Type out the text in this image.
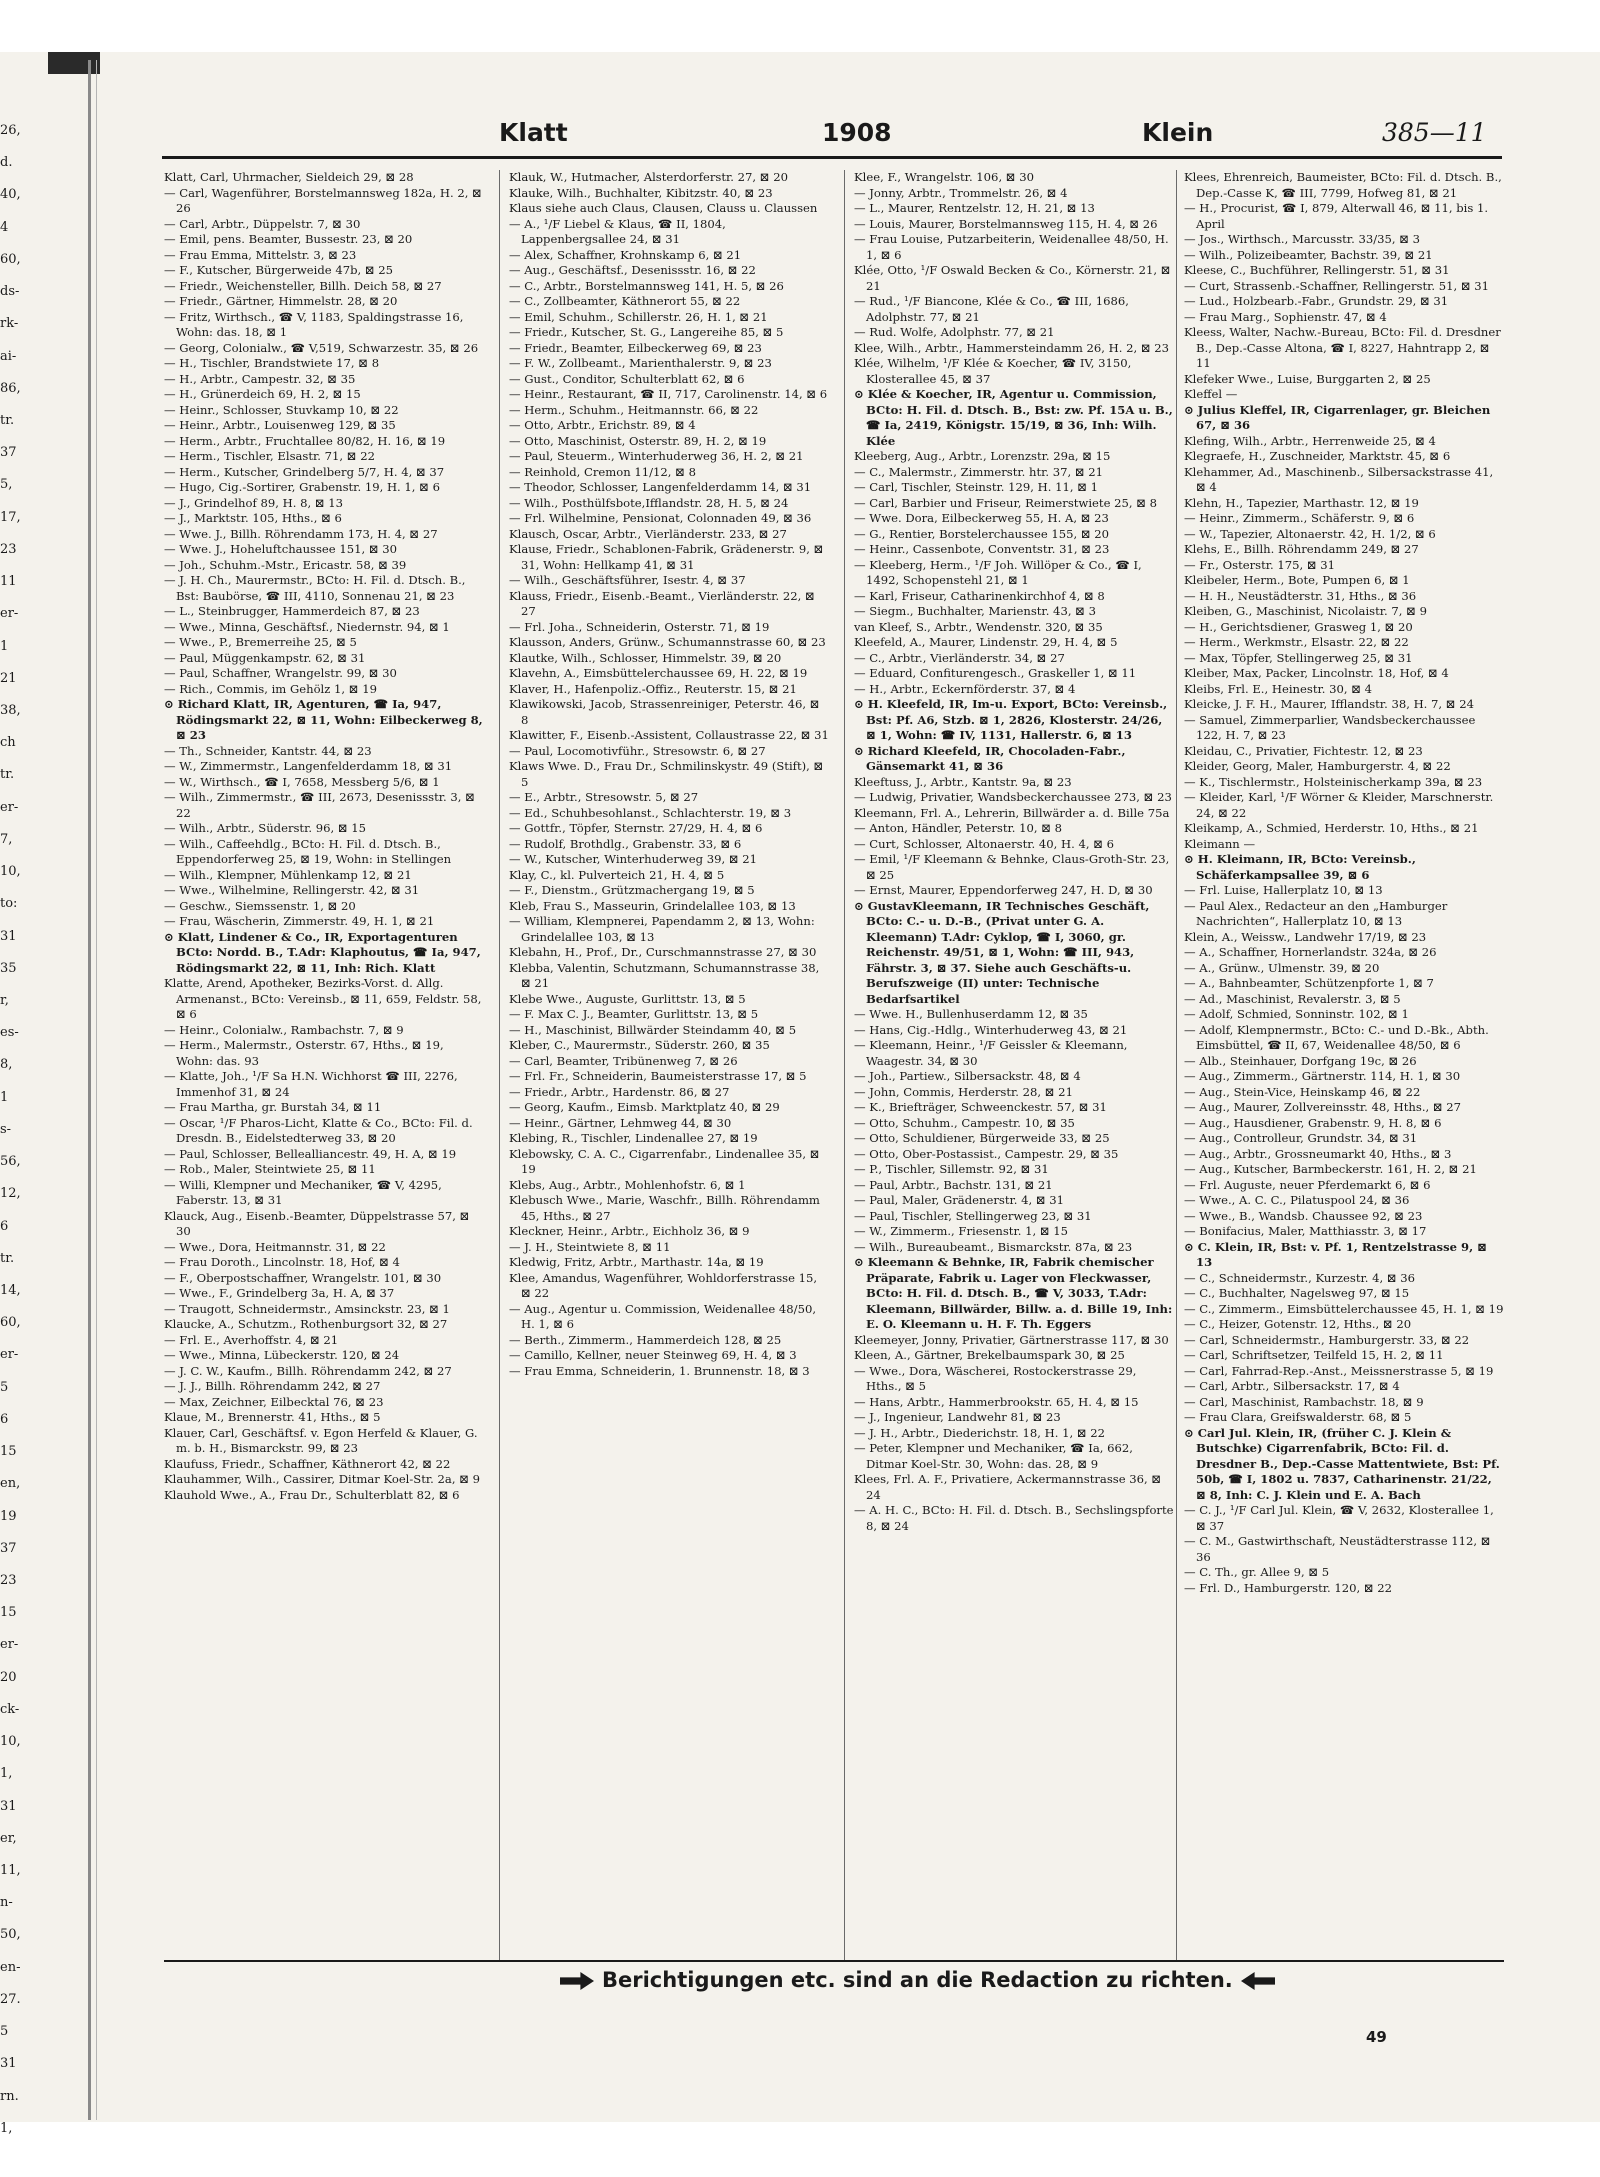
26,
d.
40,
4
60,
ds-
rk-
ai-
86,
tr.
37
5,
17,
23
11
er-
1
21
38,
ch
tr.
er-
7,
10,
to:
31
35
r,
es-
8,
1
s-
56,
12,
6
tr.
14,
60,
er-
5
6
15
en,
19
37
23
15
er-
20
ck-
10,
1,
31
er,
11,
n-
50,
en-
27.
5
31
rn.
1,
Klatt	1908	Klein	385—11

Klatt, Carl, Uhrmacher, Sieldeich 29, ⊠ 28

— Carl, Wagenführer, Borstelmannsweg 182a, H. 2, ⊠ 26

— Carl, Arbtr., Düppelstr. 7, ⊠ 30

— Emil, pens. Beamter, Bussestr. 23, ⊠ 20

— Frau Emma, Mittelstr. 3, ⊠ 23

— F., Kutscher, Bürgerweide 47b, ⊠ 25

— Friedr., Weichensteller, Billh. Deich 58, ⊠ 27

— Friedr., Gärtner, Himmelstr. 28, ⊠ 20

— Fritz, Wirthsch., ☎ V, 1183, Spaldingstrasse 16, Wohn: das. 18, ⊠ 1

— Georg, Colonialw., ☎ V,519, Schwarzestr. 35, ⊠ 26

— H., Tischler, Brandstwiete 17, ⊠ 8

— H., Arbtr., Campestr. 32, ⊠ 35

— H., Grünerdeich 69, H. 2, ⊠ 15

— Heinr., Schlosser, Stuvkamp 10, ⊠ 22

— Heinr., Arbtr., Louisenweg 129, ⊠ 35

— Herm., Arbtr., Fruchtallee 80/82, H. 16, ⊠ 19

— Herm., Tischler, Elsastr. 71, ⊠ 22

— Herm., Kutscher, Grindelberg 5/7, H. 4, ⊠ 37

— Hugo, Cig.-Sortirer, Grabenstr. 19, H. 1, ⊠ 6

— J., Grindelhof 89, H. 8, ⊠ 13

— J., Marktstr. 105, Hths., ⊠ 6

— Wwe. J., Billh. Röhrendamm 173, H. 4, ⊠ 27

— Wwe. J., Hoheluftchaussee 151, ⊠ 30

— Joh., Schuhm.-Mstr., Ericastr. 58, ⊠ 39

— J. H. Ch., Maurermstr., BCto: H. Fil. d. Dtsch. B., Bst: Baubörse, ☎ III, 4110, Sonnenau 21, ⊠ 23

— L., Steinbrugger, Hammerdeich 87, ⊠ 23

— Wwe., Minna, Geschäftsf., Niedernstr. 94, ⊠ 1

— Wwe., P., Bremerreihe 25, ⊠ 5

— Paul, Müggenkampstr. 62, ⊠ 31

— Paul, Schaffner, Wrangelstr. 99, ⊠ 30

— Rich., Commis, im Gehölz 1, ⊠ 19

⊙ Richard Klatt, IR, Agenturen, ☎ Ia, 947, Rödingsmarkt 22, ⊠ 11, Wohn: Eilbeckerweg 8, ⊠ 23

— Th., Schneider, Kantstr. 44, ⊠ 23

— W., Zimmermstr., Langenfelderdamm 18, ⊠ 31

— W., Wirthsch., ☎ I, 7658, Messberg 5/6, ⊠ 1

— Wilh., Zimmermstr., ☎ III, 2673, Desenissstr. 3, ⊠ 22

— Wilh., Arbtr., Süderstr. 96, ⊠ 15

— Wilh., Caffeehdlg., BCto: H. Fil. d. Dtsch. B., Eppendorferweg 25, ⊠ 19, Wohn: in Stellingen

— Wilh., Klempner, Mühlenkamp 12, ⊠ 21

— Wwe., Wilhelmine, Rellingerstr. 42, ⊠ 31

— Geschw., Siemssenstr. 1, ⊠ 20

— Frau, Wäscherin, Zimmerstr. 49, H. 1, ⊠ 21

⊙ Klatt, Lindener & Co., IR, Exportagenturen BCto: Nordd. B., T.Adr: Klaphoutus, ☎ Ia, 947, Rödingsmarkt 22, ⊠ 11, Inh: Rich. Klatt

Klatte, Arend, Apotheker, Bezirks-Vorst. d. Allg. Armenanst., BCto: Vereinsb., ⊠ 11, 659, Feldstr. 58, ⊠ 6

— Heinr., Colonialw., Rambachstr. 7, ⊠ 9

— Herm., Malermstr., Osterstr. 67, Hths., ⊠ 19, Wohn: das. 93

— Klatte, Joh., ¹/F Sa H.N. Wichhorst ☎ III, 2276, Immenhof 31, ⊠ 24

— Frau Martha, gr. Burstah 34, ⊠ 11

— Oscar, ¹/F Pharos-Licht, Klatte & Co., BCto: Fil. d. Dresdn. B., Eidelstedterweg 33, ⊠ 20

— Paul, Schlosser, Bellealliancestr. 49, H. A, ⊠ 19

— Rob., Maler, Steintwiete 25, ⊠ 11

— Willi, Klempner und Mechaniker, ☎ V, 4295, Faberstr. 13, ⊠ 31

Klauck, Aug., Eisenb.-Beamter, Düppelstrasse 57, ⊠ 30

— Wwe., Dora, Heitmannstr. 31, ⊠ 22

— Frau Doroth., Lincolnstr. 18, Hof, ⊠ 4

— F., Oberpostschaffner, Wrangelstr. 101, ⊠ 30

— Wwe., F., Grindelberg 3a, H. A, ⊠ 37

— Traugott, Schneidermstr., Amsinckstr. 23, ⊠ 1

Klaucke, A., Schutzm., Rothenburgsort 32, ⊠ 27

— Frl. E., Averhoffstr. 4, ⊠ 21

— Wwe., Minna, Lübeckerstr. 120, ⊠ 24

— J. C. W., Kaufm., Billh. Röhrendamm 242, ⊠ 27

— J. J., Billh. Röhrendamm 242, ⊠ 27

— Max, Zeichner, Eilbecktal 76, ⊠ 23

Klaue, M., Brennerstr. 41, Hths., ⊠ 5

Klauer, Carl, Geschäftsf. v. Egon Herfeld & Klauer, G. m. b. H., Bismarckstr. 99, ⊠ 23

Klaufuss, Friedr., Schaffner, Käthnerort 42, ⊠ 22

Klauhammer, Wilh., Cassirer, Ditmar Koel-Str. 2a, ⊠ 9

Klauhold Wwe., A., Frau Dr., Schulterblatt 82, ⊠ 6

Klauk, W., Hutmacher, Alsterdorferstr. 27, ⊠ 20

Klauke, Wilh., Buchhalter, Kibitzstr. 40, ⊠ 23

Klaus siehe auch Claus, Clausen, Clauss u. Claussen

— A., ¹/F Liebel & Klaus, ☎ II, 1804, Lappenbergsallee 24, ⊠ 31

— Alex, Schaffner, Krohnskamp 6, ⊠ 21

— Aug., Geschäftsf., Desenissstr. 16, ⊠ 22

— C., Arbtr., Borstelmannsweg 141, H. 5, ⊠ 26

— C., Zollbeamter, Käthnerort 55, ⊠ 22

— Emil, Schuhm., Schillerstr. 26, H. 1, ⊠ 21

— Friedr., Kutscher, St. G., Langereihe 85, ⊠ 5

— Friedr., Beamter, Eilbeckerweg 69, ⊠ 23

— F. W., Zollbeamt., Marienthalerstr. 9, ⊠ 23

— Gust., Conditor, Schulterblatt 62, ⊠ 6

— Heinr., Restaurant, ☎ II, 717, Carolinenstr. 14, ⊠ 6

— Herm., Schuhm., Heitmannstr. 66, ⊠ 22

— Otto, Arbtr., Erichstr. 89, ⊠ 4

— Otto, Maschinist, Osterstr. 89, H. 2, ⊠ 19

— Paul, Steuerm., Winterhuderweg 36, H. 2, ⊠ 21

— Reinhold, Cremon 11/12, ⊠ 8

— Theodor, Schlosser, Langenfelderdamm 14, ⊠ 31

— Wilh., Posthülfsbote,Ifflandstr. 28, H. 5, ⊠ 24

— Frl. Wilhelmine, Pensionat, Colonnaden 49, ⊠ 36

Klausch, Oscar, Arbtr., Vierländerstr. 233, ⊠ 27

Klause, Friedr., Schablonen-Fabrik, Grädenerstr. 9, ⊠ 31, Wohn: Hellkamp 41, ⊠ 31

— Wilh., Geschäftsführer, Isestr. 4, ⊠ 37

Klauss, Friedr., Eisenb.-Beamt., Vierländerstr. 22, ⊠ 27

— Frl. Joha., Schneiderin, Osterstr. 71, ⊠ 19

Klausson, Anders, Grünw., Schumannstrasse 60, ⊠ 23

Klautke, Wilh., Schlosser, Himmelstr. 39, ⊠ 20

Klavehn, A., Eimsbüttelerchaussee 69, H. 22, ⊠ 19

Klaver, H., Hafenpoliz.-Offiz., Reuterstr. 15, ⊠ 21

Klawikowski, Jacob, Strassenreiniger, Peterstr. 46, ⊠ 8

Klawitter, F., Eisenb.-Assistent, Collaustrasse 22, ⊠ 31

— Paul, Locomotivführ., Stresowstr. 6, ⊠ 27

Klaws Wwe. D., Frau Dr., Schmilinskystr. 49 (Stift), ⊠ 5

— E., Arbtr., Stresowstr. 5, ⊠ 27

— Ed., Schuhbesohlanst., Schlachterstr. 19, ⊠ 3

— Gottfr., Töpfer, Sternstr. 27/29, H. 4, ⊠ 6

— Rudolf, Brothdlg., Grabenstr. 33, ⊠ 6

— W., Kutscher, Winterhuderweg 39, ⊠ 21

Klay, C., kl. Pulverteich 21, H. 4, ⊠ 5

— F., Dienstm., Grützmachergang 19, ⊠ 5

Kleb, Frau S., Masseurin, Grindelallee 103, ⊠ 13

— William, Klempnerei, Papendamm 2, ⊠ 13, Wohn: Grindelallee 103, ⊠ 13

Klebahn, H., Prof., Dr., Curschmannstrasse 27, ⊠ 30

Klebba, Valentin, Schutzmann, Schumannstrasse 38, ⊠ 21

Klebe Wwe., Auguste, Gurlittstr. 13, ⊠ 5

— F. Max C. J., Beamter, Gurlittstr. 13, ⊠ 5

— H., Maschinist, Billwärder Steindamm 40, ⊠ 5

Kleber, C., Maurermstr., Süderstr. 260, ⊠ 35

— Carl, Beamter, Tribünenweg 7, ⊠ 26

— Frl. Fr., Schneiderin, Baumeisterstrasse 17, ⊠ 5

— Friedr., Arbtr., Hardenstr. 86, ⊠ 27

— Georg, Kaufm., Eimsb. Marktplatz 40, ⊠ 29

— Heinr., Gärtner, Lehmweg 44, ⊠ 30

Klebing, R., Tischler, Lindenallee 27, ⊠ 19

Klebowsky, C. A. C., Cigarrenfabr., Lindenallee 35, ⊠ 19

Klebs, Aug., Arbtr., Mohlenhofstr. 6, ⊠ 1

Klebusch Wwe., Marie, Waschfr., Billh. Röhrendamm 45, Hths., ⊠ 27

Kleckner, Heinr., Arbtr., Eichholz 36, ⊠ 9

— J. H., Steintwiete 8, ⊠ 11

Kledwig, Fritz, Arbtr., Marthastr. 14a, ⊠ 19

Klee, Amandus, Wagenführer, Wohldorferstrasse 15, ⊠ 22

— Aug., Agentur u. Commission, Weidenallee 48/50, H. 1, ⊠ 6

— Berth., Zimmerm., Hammerdeich 128, ⊠ 25

— Camillo, Kellner, neuer Steinweg 69, H. 4, ⊠ 3

— Frau Emma, Schneiderin, 1. Brunnenstr. 18, ⊠ 3

Klee, F., Wrangelstr. 106, ⊠ 30

— Jonny, Arbtr., Trommelstr. 26, ⊠ 4

— L., Maurer, Rentzelstr. 12, H. 21, ⊠ 13

— Louis, Maurer, Borstelmannsweg 115, H. 4, ⊠ 26

— Frau Louise, Putzarbeiterin, Weidenallee 48/50, H. 1, ⊠ 6

Klée, Otto, ¹/F Oswald Becken & Co., Körnerstr. 21, ⊠ 21

— Rud., ¹/F Biancone, Klée & Co., ☎ III, 1686, Adolphstr. 77, ⊠ 21

— Rud. Wolfe, Adolphstr. 77, ⊠ 21

Klee, Wilh., Arbtr., Hammersteindamm 26, H. 2, ⊠ 23

Klée, Wilhelm, ¹/F Klée & Koecher, ☎ IV, 3150, Klosterallee 45, ⊠ 37

⊙ Klée & Koecher, IR, Agentur u. Commission, BCto: H. Fil. d. Dtsch. B., Bst: zw. Pf. 15A u. B., ☎ Ia, 2419, Königstr. 15/19, ⊠ 36, Inh: Wilh. Klée

Kleeberg, Aug., Arbtr., Lorenzstr. 29a, ⊠ 15

— C., Malermstr., Zimmerstr. htr. 37, ⊠ 21

— Carl, Tischler, Steinstr. 129, H. 11, ⊠ 1

— Carl, Barbier und Friseur, Reimerstwiete 25, ⊠ 8

— Wwe. Dora, Eilbeckerweg 55, H. A, ⊠ 23

— G., Rentier, Borstelerchaussee 155, ⊠ 20

— Heinr., Cassenbote, Conventstr. 31, ⊠ 23

— Kleeberg, Herm., ¹/F Joh. Willöper & Co., ☎ I, 1492, Schopenstehl 21, ⊠ 1

— Karl, Friseur, Catharinenkirchhof 4, ⊠ 8

— Siegm., Buchhalter, Marienstr. 43, ⊠ 3

van Kleef, S., Arbtr., Wendenstr. 320, ⊠ 35

Kleefeld, A., Maurer, Lindenstr. 29, H. 4, ⊠ 5

— C., Arbtr., Vierländerstr. 34, ⊠ 27

— Eduard, Confiturengesch., Graskeller 1, ⊠ 11

— H., Arbtr., Eckernförderstr. 37, ⊠ 4

⊙ H. Kleefeld, IR, Im-u. Export, BCto: Vereinsb., Bst: Pf. A6, Stzb. ⊠ 1, 2826, Klosterstr. 24/26, ⊠ 1, Wohn: ☎ IV, 1131, Hallerstr. 6, ⊠ 13

⊙ Richard Kleefeld, IR, Chocoladen-Fabr., Gänsemarkt 41, ⊠ 36

Kleeftuss, J., Arbtr., Kantstr. 9a, ⊠ 23

— Ludwig, Privatier, Wandsbeckerchaussee 273, ⊠ 23

Kleemann, Frl. A., Lehrerin, Billwärder a. d. Bille 75a

— Anton, Händler, Peterstr. 10, ⊠ 8

— Curt, Schlosser, Altonaerstr. 40, H. 4, ⊠ 6

— Emil, ¹/F Kleemann & Behnke, Claus-Groth-Str. 23, ⊠ 25

— Ernst, Maurer, Eppendorferweg 247, H. D, ⊠ 30

⊙ GustavKleemann, IR Technisches Geschäft, BCto: C.- u. D.-B., (Privat unter G. A. Kleemann) T.Adr: Cyklop, ☎ I, 3060, gr. Reichenstr. 49/51, ⊠ 1, Wohn: ☎ III, 943, Fährstr. 3, ⊠ 37. Siehe auch Geschäfts-u. Berufszweige (II) unter: Technische Bedarfsartikel

— Wwe. H., Bullenhuserdamm 12, ⊠ 35

— Hans, Cig.-Hdlg., Winterhuderweg 43, ⊠ 21

— Kleemann, Heinr., ¹/F Geissler & Kleemann, Waagestr. 34, ⊠ 30

— Joh., Partiew., Silbersackstr. 48, ⊠ 4

— John, Commis, Herderstr. 28, ⊠ 21

— K., Briefträger, Schweenckestr. 57, ⊠ 31

— Otto, Schuhm., Campestr. 10, ⊠ 35

— Otto, Schuldiener, Bürgerweide 33, ⊠ 25

— Otto, Ober-Postassist., Campestr. 29, ⊠ 35

— P., Tischler, Sillemstr. 92, ⊠ 31

— Paul, Arbtr., Bachstr. 131, ⊠ 21

— Paul, Maler, Grädenerstr. 4, ⊠ 31

— Paul, Tischler, Stellingerweg 23, ⊠ 31

— W., Zimmerm., Friesenstr. 1, ⊠ 15

— Wilh., Bureaubeamt., Bismarckstr. 87a, ⊠ 23

⊙ Kleemann & Behnke, IR, Fabrik chemischer Präparate, Fabrik u. Lager von Fleckwasser, BCto: H. Fil. d. Dtsch. B., ☎ V, 3033, T.Adr: Kleemann, Billwärder, Billw. a. d. Bille 19, Inh: E. O. Kleemann u. H. F. Th. Eggers

Kleemeyer, Jonny, Privatier, Gärtnerstrasse 117, ⊠ 30

Kleen, A., Gärtner, Brekelbaumspark 30, ⊠ 25

— Wwe., Dora, Wäscherei, Rostockerstrasse 29, Hths., ⊠ 5

— Hans, Arbtr., Hammerbrookstr. 65, H. 4, ⊠ 15

— J., Ingenieur, Landwehr 81, ⊠ 23

— J. H., Arbtr., Diederichstr. 18, H. 1, ⊠ 22

— Peter, Klempner und Mechaniker, ☎ Ia, 662, Ditmar Koel-Str. 30, Wohn: das. 28, ⊠ 9

Klees, Frl. A. F., Privatiere, Ackermannstrasse 36, ⊠ 24

— A. H. C., BCto: H. Fil. d. Dtsch. B., Sechslingspforte 8, ⊠ 24

Klees, Ehrenreich, Baumeister, BCto: Fil. d. Dtsch. B., Dep.-Casse K, ☎ III, 7799, Hofweg 81, ⊠ 21

— H., Procurist, ☎ I, 879, Alterwall 46, ⊠ 11, bis 1. April

— Jos., Wirthsch., Marcusstr. 33/35, ⊠ 3

— Wilh., Polizeibeamter, Bachstr. 39, ⊠ 21

Kleese, C., Buchführer, Rellingerstr. 51, ⊠ 31

— Curt, Strassenb.-Schaffner, Rellingerstr. 51, ⊠ 31

— Lud., Holzbearb.-Fabr., Grundstr. 29, ⊠ 31

— Frau Marg., Sophienstr. 47, ⊠ 4

Kleess, Walter, Nachw.-Bureau, BCto: Fil. d. Dresdner B., Dep.-Casse Altona, ☎ I, 8227, Hahntrapp 2, ⊠ 11

Klefeker Wwe., Luise, Burggarten 2, ⊠ 25

Kleffel —

⊙ Julius Kleffel, IR, Cigarrenlager, gr. Bleichen 67, ⊠ 36

Klefing, Wilh., Arbtr., Herrenweide 25, ⊠ 4

Klegraefe, H., Zuschneider, Marktstr. 45, ⊠ 6

Klehammer, Ad., Maschinenb., Silbersackstrasse 41, ⊠ 4

Klehn, H., Tapezier, Marthastr. 12, ⊠ 19

— Heinr., Zimmerm., Schäferstr. 9, ⊠ 6

— W., Tapezier, Altonaerstr. 42, H. 1/2, ⊠ 6

Klehs, E., Billh. Röhrendamm 249, ⊠ 27

— Fr., Osterstr. 175, ⊠ 31

Kleibeler, Herm., Bote, Pumpen 6, ⊠ 1

— H. H., Neustädterstr. 31, Hths., ⊠ 36

Kleiben, G., Maschinist, Nicolaistr. 7, ⊠ 9

— H., Gerichtsdiener, Grasweg 1, ⊠ 20

— Herm., Werkmstr., Elsastr. 22, ⊠ 22

— Max, Töpfer, Stellingerweg 25, ⊠ 31

Kleiber, Max, Packer, Lincolnstr. 18, Hof, ⊠ 4

Kleibs, Frl. E., Heinestr. 30, ⊠ 4

Kleicke, J. F. H., Maurer, Ifflandstr. 38, H. 7, ⊠ 24

— Samuel, Zimmerparlier, Wandsbeckerchaussee 122, H. 7, ⊠ 23

Kleidau, C., Privatier, Fichtestr. 12, ⊠ 23

Kleider, Georg, Maler, Hamburgerstr. 4, ⊠ 22

— K., Tischlermstr., Holsteinischerkamp 39a, ⊠ 23

— Kleider, Karl, ¹/F Wörner & Kleider, Marschnerstr. 24, ⊠ 22

Kleikamp, A., Schmied, Herderstr. 10, Hths., ⊠ 21

Kleimann —

⊙ H. Kleimann, IR, BCto: Vereinsb., Schäferkampsallee 39, ⊠ 6

— Frl. Luise, Hallerplatz 10, ⊠ 13

— Paul Alex., Redacteur an den „Hamburger Nachrichten“, Hallerplatz 10, ⊠ 13

Klein, A., Weissw., Landwehr 17/19, ⊠ 23

— A., Schaffner, Hornerlandstr. 324a, ⊠ 26

— A., Grünw., Ulmenstr. 39, ⊠ 20

— A., Bahnbeamter, Schützenpforte 1, ⊠ 7

— Ad., Maschinist, Revalerstr. 3, ⊠ 5

— Adolf, Schmied, Sonninstr. 102, ⊠ 1

— Adolf, Klempnermstr., BCto: C.- und D.-Bk., Abth. Eimsbüttel, ☎ II, 67, Weidenallee 48/50, ⊠ 6

— Alb., Steinhauer, Dorfgang 19c, ⊠ 26

— Aug., Zimmerm., Gärtnerstr. 114, H. 1, ⊠ 30

— Aug., Stein-Vice, Heinskamp 46, ⊠ 22

— Aug., Maurer, Zollvereinsstr. 48, Hths., ⊠ 27

— Aug., Hausdiener, Grabenstr. 9, H. 8, ⊠ 6

— Aug., Controlleur, Grundstr. 34, ⊠ 31

— Aug., Arbtr., Grossneumarkt 40, Hths., ⊠ 3

— Aug., Kutscher, Barmbeckerstr. 161, H. 2, ⊠ 21

— Frl. Auguste, neuer Pferdemarkt 6, ⊠ 6

— Wwe., A. C. C., Pilatuspool 24, ⊠ 36

— Wwe., B., Wandsb. Chaussee 92, ⊠ 23

— Bonifacius, Maler, Matthiasstr. 3, ⊠ 17

⊙ C. Klein, IR, Bst: v. Pf. 1, Rentzelstrasse 9, ⊠ 13

— C., Schneidermstr., Kurzestr. 4, ⊠ 36

— C., Buchhalter, Nagelsweg 97, ⊠ 15

— C., Zimmerm., Eimsbüttelerchaussee 45, H. 1, ⊠ 19

— C., Heizer, Gotenstr. 12, Hths., ⊠ 20

— Carl, Schneidermstr., Hamburgerstr. 33, ⊠ 22

— Carl, Schriftsetzer, Teilfeld 15, H. 2, ⊠ 11

— Carl, Fahrrad-Rep.-Anst., Meissnerstrasse 5, ⊠ 19

— Carl, Arbtr., Silbersackstr. 17, ⊠ 4

— Carl, Maschinist, Rambachstr. 18, ⊠ 9

— Frau Clara, Greifswalderstr. 68, ⊠ 5

⊙ Carl Jul. Klein, IR, (früher C. J. Klein & Butschke) Cigarrenfabrik, BCto: Fil. d. Dresdner B., Dep.-Casse Mattentwiete, Bst: Pf. 50b, ☎ I, 1802 u. 7837, Catharinenstr. 21/22, ⊠ 8, Inh: C. J. Klein und E. A. Bach

— C. J., ¹/F Carl Jul. Klein, ☎ V, 2632, Klosterallee 1, ⊠ 37

— C. M., Gastwirthschaft, Neustädterstrasse 112, ⊠ 36

— C. Th., gr. Allee 9, ⊠ 5

— Frl. D., Hamburgerstr. 120, ⊠ 22

Berichtigungen etc. sind an die Redaction zu richten.
49
